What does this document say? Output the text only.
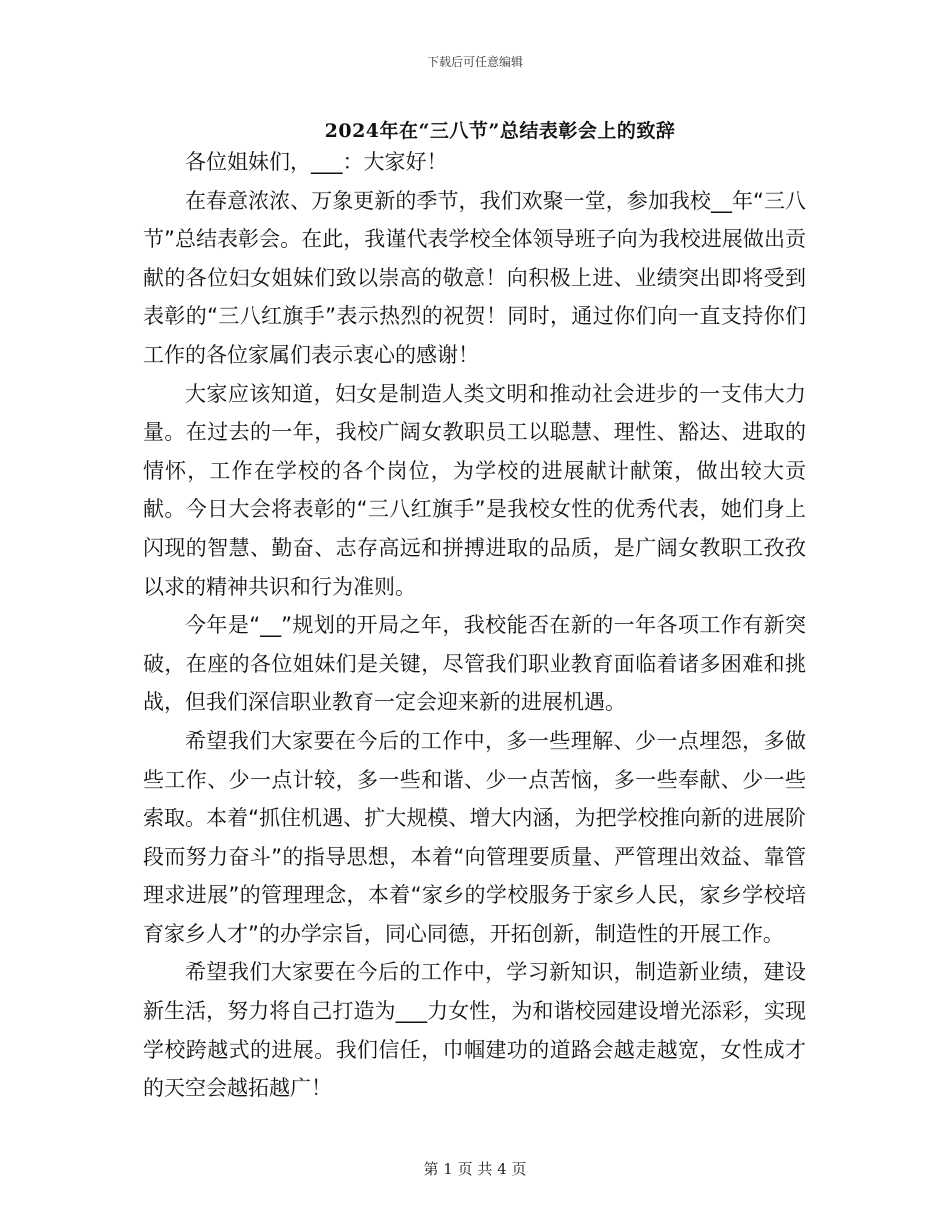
下载后可任意编辑
2024年在“三八节”总结表彰会上的致辞

各位姐妹们，___：大家好！

在春意浓浓、万象更新的季节，我们欢聚一堂，参加我校__年“三八节”总结表彰会。在此，我谨代表学校全体领导班子向为我校进展做出贡献的各位妇女姐妹们致以崇高的敬意！向积极上进、业绩突出即将受到表彰的“三八红旗手”表示热烈的祝贺！同时，通过你们向一直支持你们工作的各位家属们表示衷心的感谢！

大家应该知道，妇女是制造人类文明和推动社会进步的一支伟大力量。在过去的一年，我校广阔女教职员工以聪慧、理性、豁达、进取的情怀，工作在学校的各个岗位，为学校的进展献计献策，做出较大贡献。今日大会将表彰的“三八红旗手”是我校女性的优秀代表，她们身上闪现的智慧、勤奋、志存高远和拼搏进取的品质，是广阔女教职工孜孜以求的精神共识和行为准则。

今年是“__”规划的开局之年，我校能否在新的一年各项工作有新突破，在座的各位姐妹们是关键，尽管我们职业教育面临着诸多困难和挑战，但我们深信职业教育一定会迎来新的进展机遇。

希望我们大家要在今后的工作中，多一些理解、少一点埋怨，多做些工作、少一点计较，多一些和谐、少一点苦恼，多一些奉献、少一些索取。本着“抓住机遇、扩大规模、增大内涵，为把学校推向新的进展阶段而努力奋斗”的指导思想，本着“向管理要质量、严管理出效益、靠管理求进展”的管理理念，本着“家乡的学校服务于家乡人民，家乡学校培育家乡人才”的办学宗旨，同心同德，开拓创新，制造性的开展工作。

希望我们大家要在今后的工作中，学习新知识，制造新业绩，建设新生活，努力将自己打造为___力女性，为和谐校园建设增光添彩，实现学校跨越式的进展。我们信任，巾帼建功的道路会越走越宽，女性成才的天空会越拓越广！

第 1 页 共 4 页
